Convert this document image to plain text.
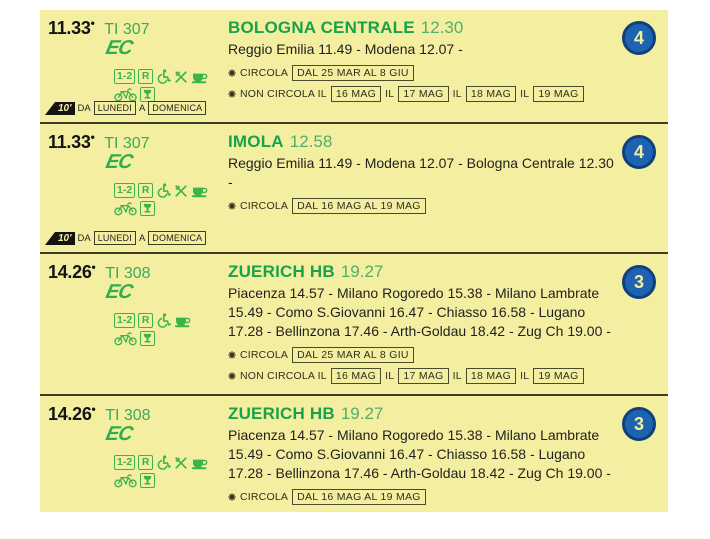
11.33• TI 307
EC
1-2 R
10' DA LUNEDI A DOMENICA
BOLOGNA CENTRALE 12.30
Reggio Emilia 11.49 - Modena 12.07 -
CIRCOLA DAL 25 MAR AL 8 GIU
NON CIRCOLA IL 16 MAG IL 17 MAG IL 18 MAG IL 19 MAG
4
11.33• TI 307
EC
1-2 R
10' DA LUNEDI A DOMENICA
IMOLA 12.58
Reggio Emilia 11.49 - Modena 12.07 - Bologna Centrale 12.30 -
CIRCOLA DAL 16 MAG AL 19 MAG
4
14.26• TI 308
EC
1-2 R
ZUERICH HB 19.27
Piacenza 14.57 - Milano Rogoredo 15.38 - Milano Lambrate 15.49 - Como S.Giovanni 16.47 - Chiasso 16.58 - Lugano 17.28 - Bellinzona 17.46 - Arth-Goldau 18.42 - Zug Ch 19.00 -
CIRCOLA DAL 25 MAR AL 8 GIU
NON CIRCOLA IL 16 MAG IL 17 MAG IL 18 MAG IL 19 MAG
3
14.26• TI 308
EC
1-2 R
ZUERICH HB 19.27
Piacenza 14.57 - Milano Rogoredo 15.38 - Milano Lambrate 15.49 - Como S.Giovanni 16.47 - Chiasso 16.58 - Lugano 17.28 - Bellinzona 17.46 - Arth-Goldau 18.42 - Zug Ch 19.00 -
CIRCOLA DAL 16 MAG AL 19 MAG
3
